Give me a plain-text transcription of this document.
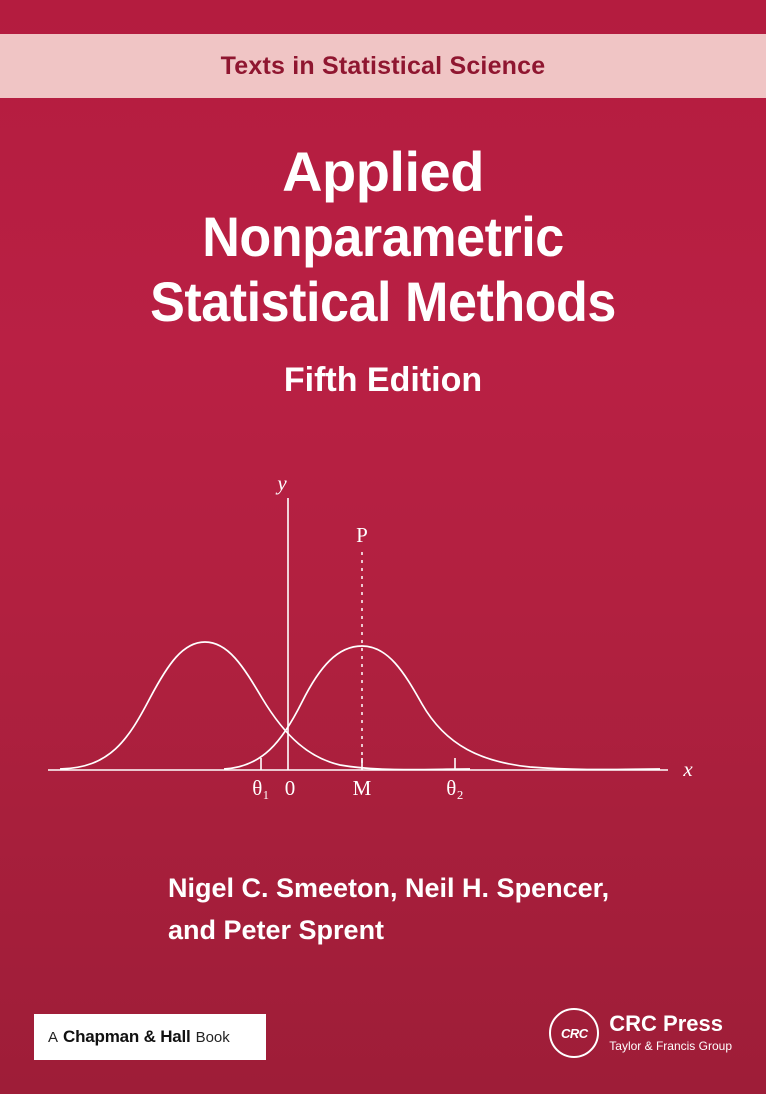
Texts in Statistical Science
Applied
Nonparametric
Statistical Methods
Fifth Edition
y
x
P
θ₁ 0	M	θ₂
Nigel C. Smeeton, Neil H. Spencer,
and Peter Sprent
A Chapman & Hall Book	CRC CRC Press
Taylor & Francis Group
